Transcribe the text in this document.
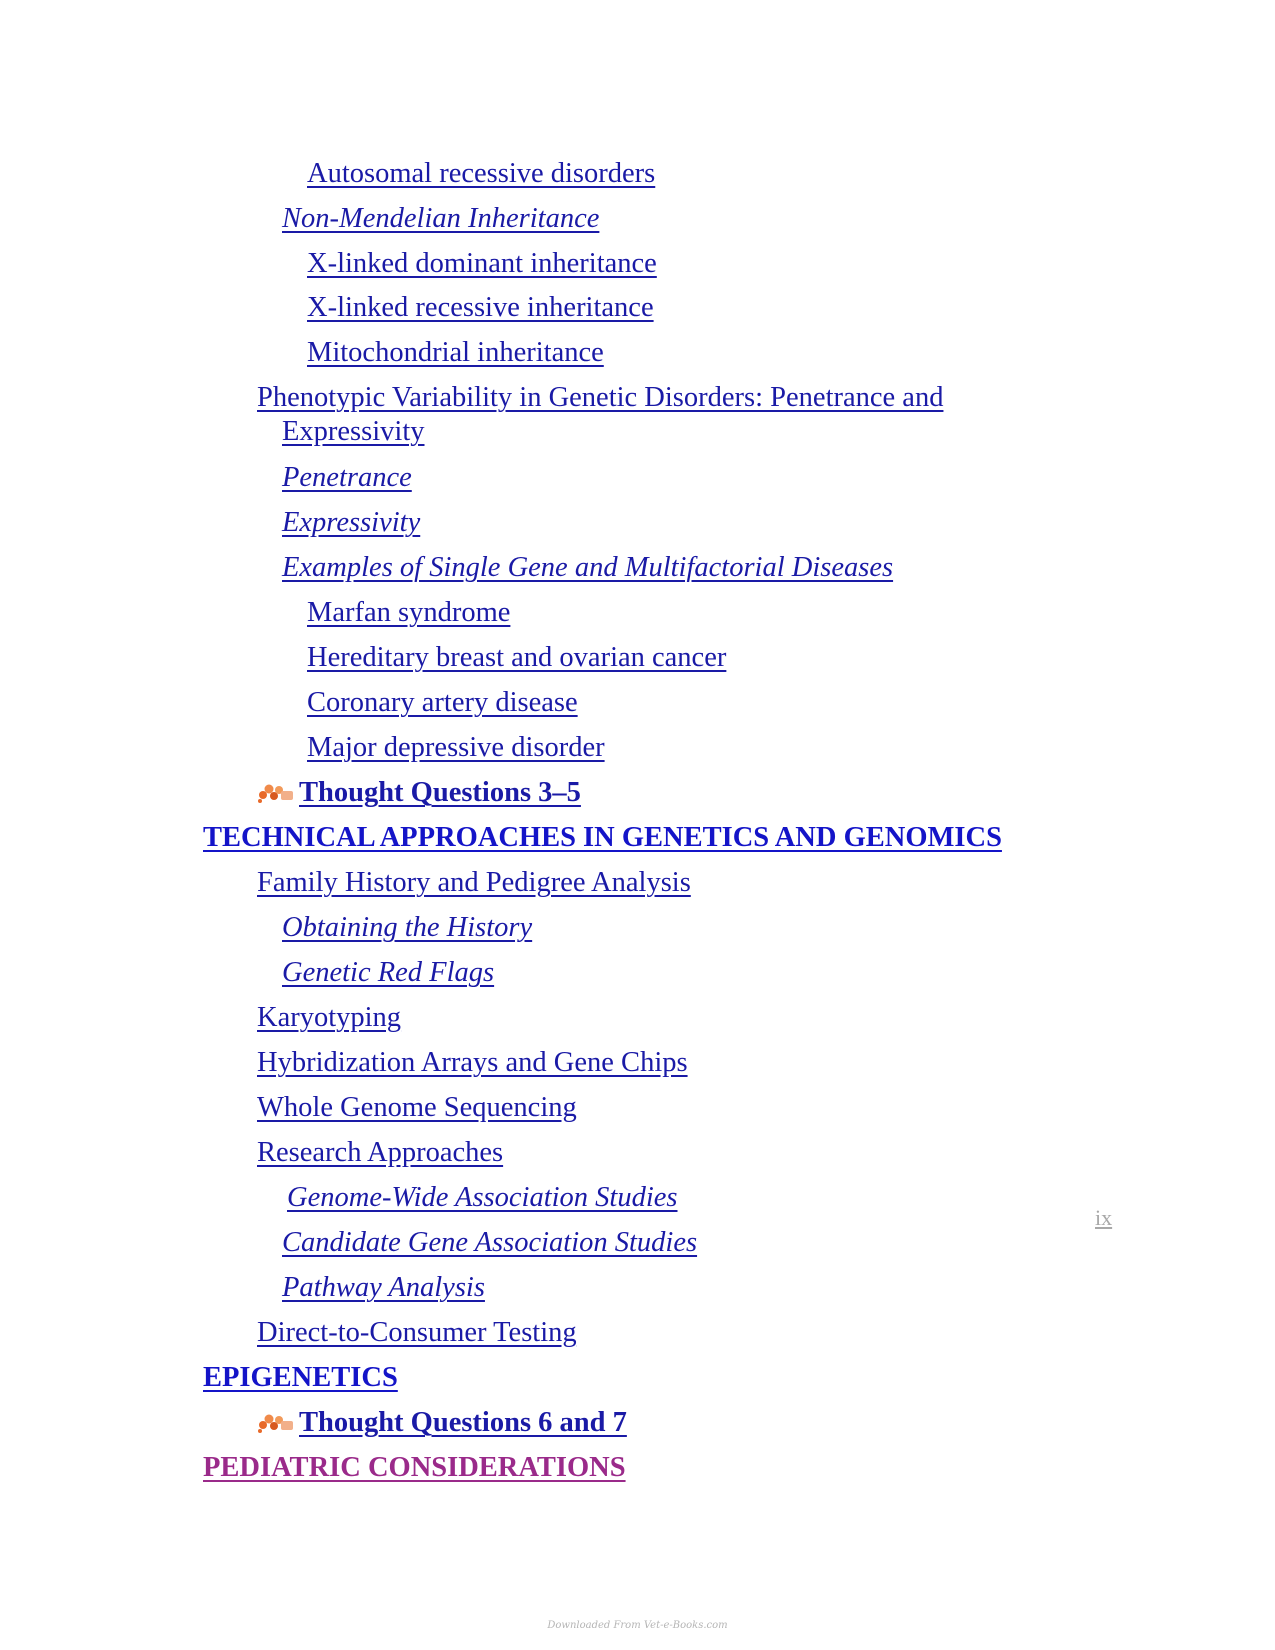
Autosomal recessive disorders
Non-Mendelian Inheritance
X-linked dominant inheritance
X-linked recessive inheritance
Mitochondrial inheritance
Phenotypic Variability in Genetic Disorders: Penetrance and
Expressivity
Penetrance
Expressivity
Examples of Single Gene and Multifactorial Diseases
Marfan syndrome
Hereditary breast and ovarian cancer
Coronary artery disease
Major depressive disorder
Thought Questions 3–5
TECHNICAL APPROACHES IN GENETICS AND GENOMICS
Family History and Pedigree Analysis
Obtaining the History
Genetic Red Flags
Karyotyping
Hybridization Arrays and Gene Chips
Whole Genome Sequencing
Research Approaches
Genome-Wide Association Studies
Candidate Gene Association Studies
Pathway Analysis
Direct-to-Consumer Testing
EPIGENETICS
Thought Questions 6 and 7
PEDIATRIC CONSIDERATIONS
ix
Downloaded From Vet-e-Books.com
